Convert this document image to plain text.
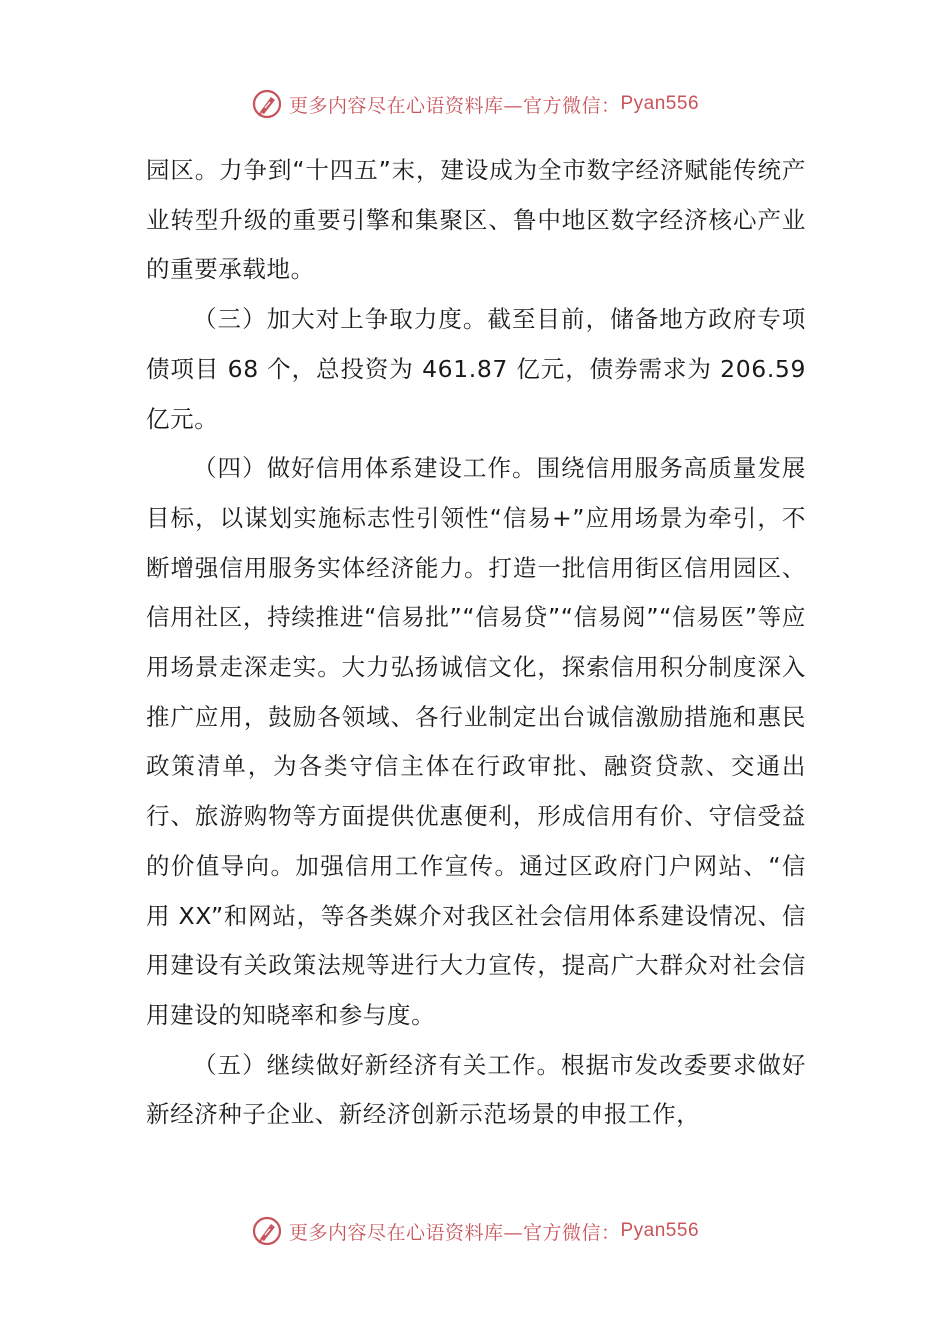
更多内容尽在心语资料库—官方微信： Pyan556

园区。力争到“十四五”末，建设成为全市数字经济赋能传统产业转型升级的重要引擎和集聚区、鲁中地区数字经济核心产业的重要承载地。

（三）加大对上争取力度。截至目前，储备地方政府专项债项目 68 个，总投资为 461.87 亿元，债券需求为 206.59 亿元。

（四）做好信用体系建设工作。围绕信用服务高质量发展目标，以谋划实施标志性引领性“信易+”应用场景为牵引，不断增强信用服务实体经济能力。打造一批信用街区信用园区、信用社区，持续推进“信易批”“信易贷”“信易阅”“信易医”等应用场景走深走实。大力弘扬诚信文化，探索信用积分制度深入推广应用，鼓励各领域、各行业制定出台诚信激励措施和惠民政策清单，为各类守信主体在行政审批、融资贷款、交通出行、旅游购物等方面提供优惠便利，形成信用有价、守信受益的价值导向。加强信用工作宣传。通过区政府门户网站、“信用 XX”和网站，等各类媒介对我区社会信用体系建设情况、信用建设有关政策法规等进行大力宣传，提高广大群众对社会信用建设的知晓率和参与度。

（五）继续做好新经济有关工作。根据市发改委要求做好新经济种子企业、新经济创新示范场景的申报工作，

更多内容尽在心语资料库—官方微信： Pyan556
